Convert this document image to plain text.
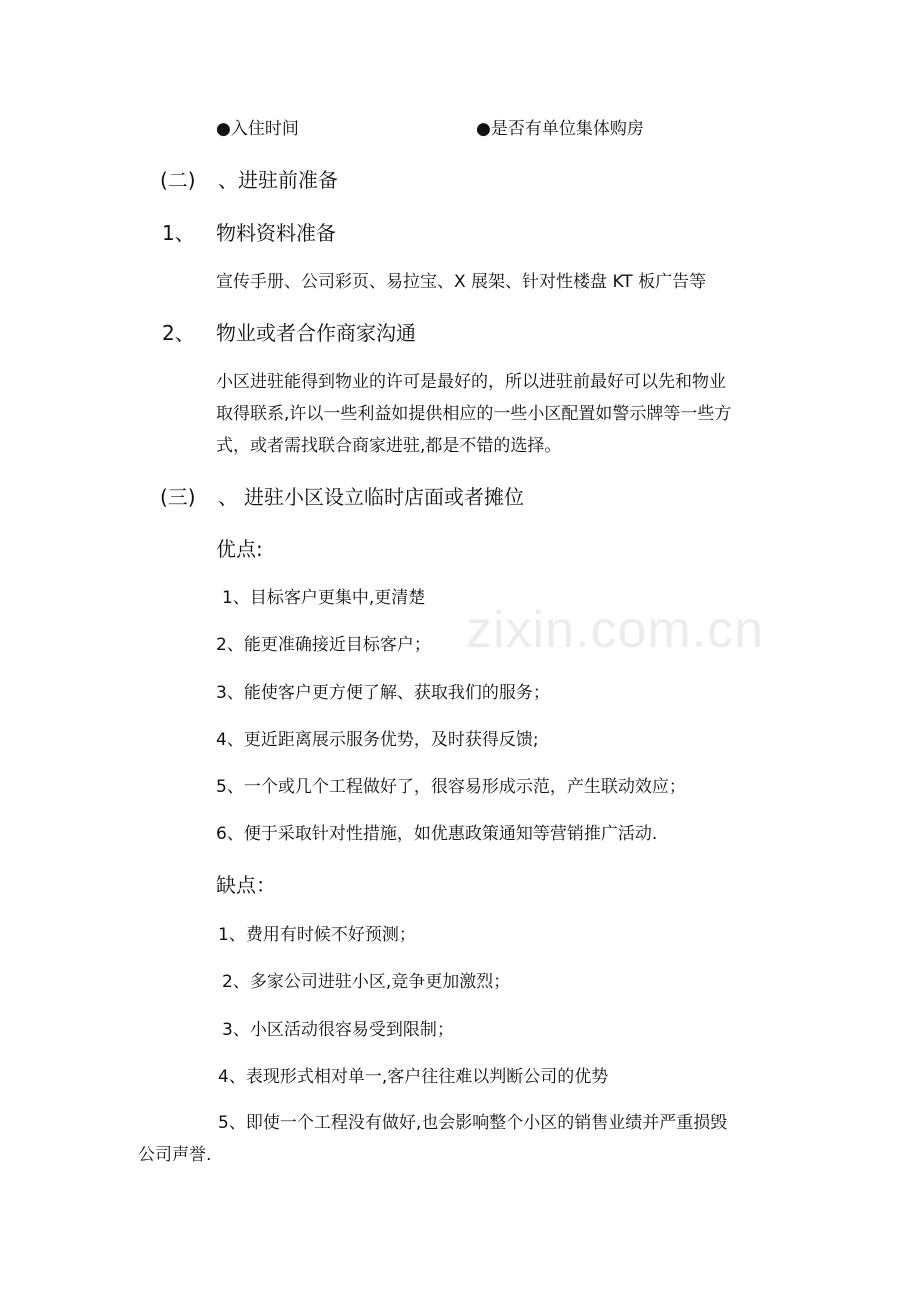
●入住时间	●是否有单位集体购房
(二) 、进驻前准备
1、 物料资料准备
宣传手册、公司彩页、易拉宝、X 展架、针对性楼盘 KT 板广告等
2、 物业或者合作商家沟通
小区进驻能得到物业的许可是最好的，所以进驻前最好可以先和物业
取得联系,许以一些利益如提供相应的一些小区配置如警示牌等一些方
式，或者需找联合商家进驻,都是不错的选择。
(三) 、 进驻小区设立临时店面或者摊位
优点:
1、目标客户更集中,更清楚
2、能更准确接近目标客户；
3、能使客户更方便了解、获取我们的服务；
4、更近距离展示服务优势，及时获得反馈;
5、一个或几个工程做好了，很容易形成示范，产生联动效应；
6、便于采取针对性措施，如优惠政策通知等营销推广活动.
缺点：
1、费用有时候不好预测；
2、多家公司进驻小区,竞争更加激烈；
3、小区活动很容易受到限制；
4、表现形式相对单一,客户往往难以判断公司的优势
5、即使一个工程没有做好,也会影响整个小区的销售业绩并严重损毁
公司声誉.
zixin.com.cn
